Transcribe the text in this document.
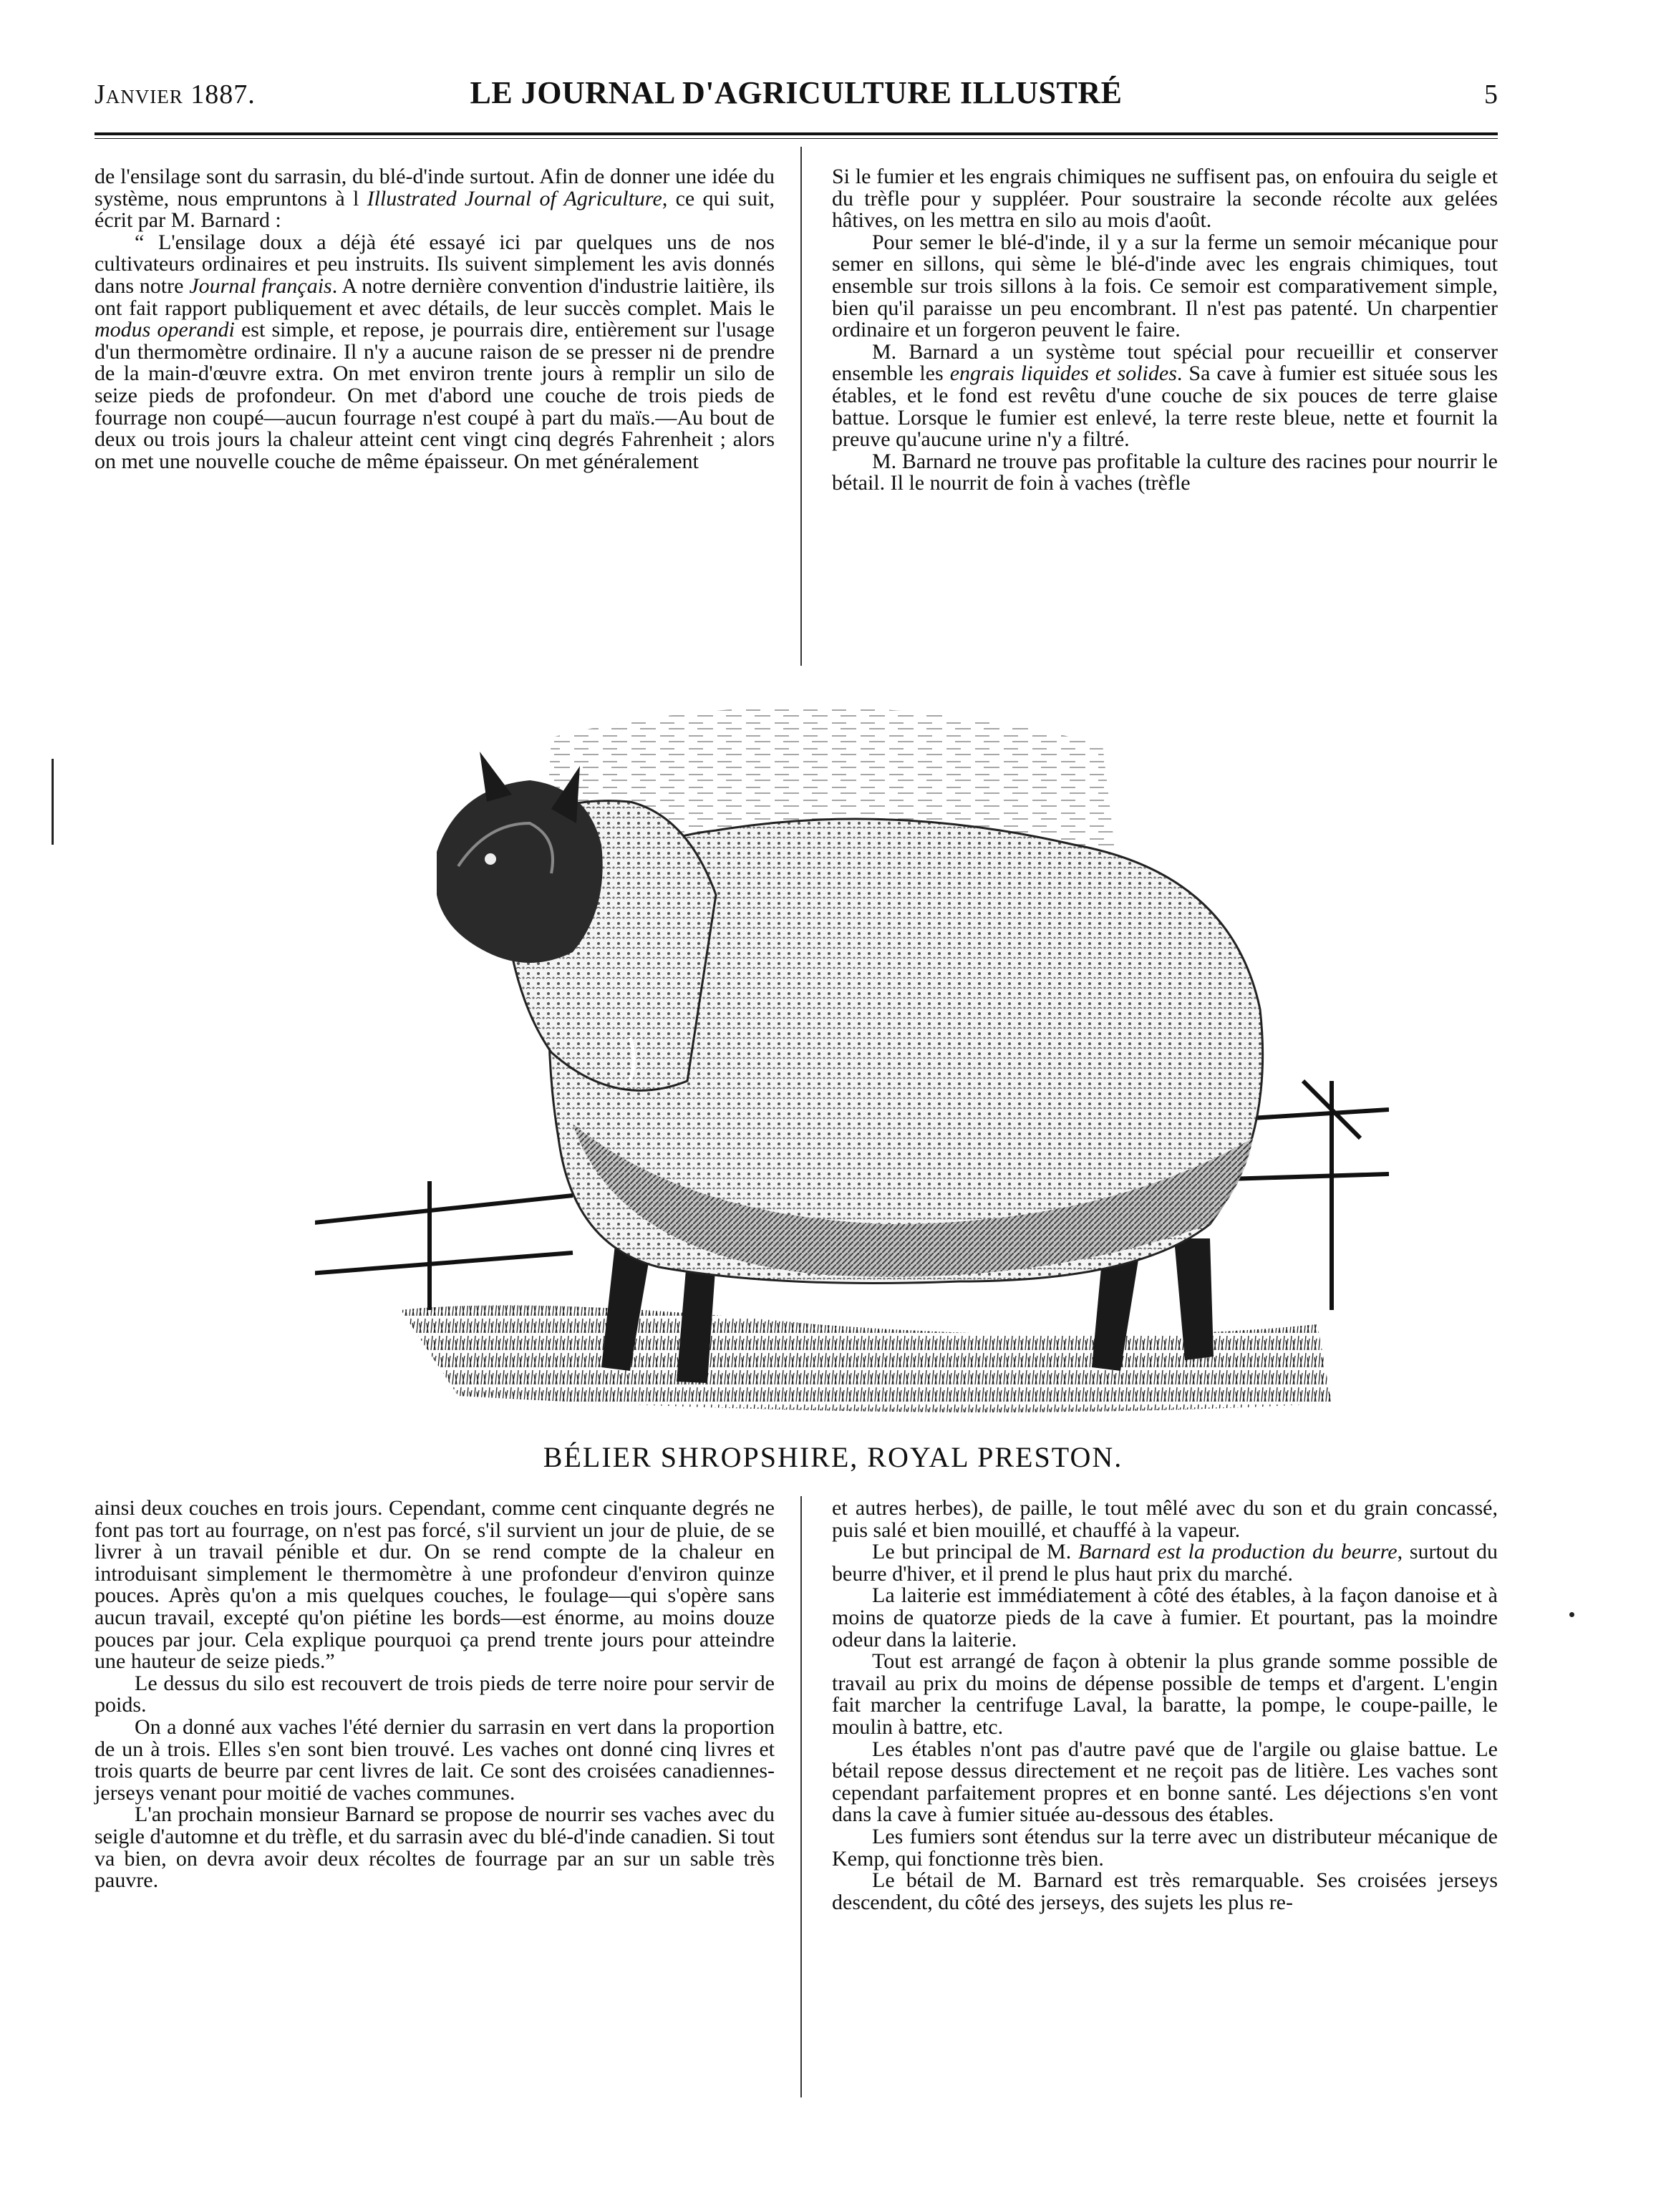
Janvier 1887.	LE JOURNAL D'AGRICULTURE ILLUSTRÉ	5

de l'ensilage sont du sarrasin, du blé-d'inde surtout. Afin de donner une idée du système, nous empruntons à l Illustrated Journal of Agriculture, ce qui suit, écrit par M. Barnard :

“ L'ensilage doux a déjà été essayé ici par quelques uns de nos cultivateurs ordinaires et peu instruits. Ils suivent simplement les avis donnés dans notre Journal français. A notre dernière convention d'industrie laitière, ils ont fait rapport publiquement et avec détails, de leur succès complet. Mais le modus operandi est simple, et repose, je pourrais dire, entièrement sur l'usage d'un thermomètre ordinaire. Il n'y a aucune raison de se presser ni de prendre de la main-d'œuvre extra. On met environ trente jours à remplir un silo de seize pieds de profondeur. On met d'abord une couche de trois pieds de fourrage non coupé—aucun fourrage n'est coupé à part du maïs.—Au bout de deux ou trois jours la chaleur atteint cent vingt cinq degrés Fahrenheit ; alors on met une nouvelle couche de même épaisseur. On met généralement

Si le fumier et les engrais chimiques ne suffisent pas, on enfouira du seigle et du trèfle pour y suppléer. Pour soustraire la seconde récolte aux gelées hâtives, on les mettra en silo au mois d'août.

Pour semer le blé-d'inde, il y a sur la ferme un semoir mécanique pour semer en sillons, qui sème le blé-d'inde avec les engrais chimiques, tout ensemble sur trois sillons à la fois. Ce semoir est comparativement simple, bien qu'il paraisse un peu encombrant. Il n'est pas patenté. Un charpentier ordinaire et un forgeron peuvent le faire.

M. Barnard a un système tout spécial pour recueillir et conserver ensemble les engrais liquides et solides. Sa cave à fumier est située sous les étables, et le fond est revêtu d'une couche de six pouces de terre glaise battue. Lorsque le fumier est enlevé, la terre reste bleue, nette et fournit la preuve qu'aucune urine n'y a filtré.

M. Barnard ne trouve pas profitable la culture des racines pour nourrir le bétail. Il le nourrit de foin à vaches (trèfle

BÉLIER SHROPSHIRE, ROYAL PRESTON.

ainsi deux couches en trois jours. Cependant, comme cent cinquante degrés ne font pas tort au fourrage, on n'est pas forcé, s'il survient un jour de pluie, de se livrer à un travail pénible et dur. On se rend compte de la chaleur en introduisant simplement le thermomètre à une profondeur d'environ quinze pouces. Après qu'on a mis quelques couches, le foulage—qui s'opère sans aucun travail, excepté qu'on piétine les bords—est énorme, au moins douze pouces par jour. Cela explique pourquoi ça prend trente jours pour atteindre une hauteur de seize pieds.”

Le dessus du silo est recouvert de trois pieds de terre noire pour servir de poids.

On a donné aux vaches l'été dernier du sarrasin en vert dans la proportion de un à trois. Elles s'en sont bien trouvé. Les vaches ont donné cinq livres et trois quarts de beurre par cent livres de lait. Ce sont des croisées canadiennes-jerseys venant pour moitié de vaches communes.

L'an prochain monsieur Barnard se propose de nourrir ses vaches avec du seigle d'automne et du trèfle, et du sarrasin avec du blé-d'inde canadien. Si tout va bien, on devra avoir deux récoltes de fourrage par an sur un sable très pauvre.

et autres herbes), de paille, le tout mêlé avec du son et du grain concassé, puis salé et bien mouillé, et chauffé à la vapeur.

Le but principal de M. Barnard est la production du beurre, surtout du beurre d'hiver, et il prend le plus haut prix du marché.

La laiterie est immédiatement à côté des étables, à la façon danoise et à moins de quatorze pieds de la cave à fumier. Et pourtant, pas la moindre odeur dans la laiterie.

Tout est arrangé de façon à obtenir la plus grande somme possible de travail au prix du moins de dépense possible de temps et d'argent. L'engin fait marcher la centrifuge Laval, la baratte, la pompe, le coupe-paille, le moulin à battre, etc.

Les étables n'ont pas d'autre pavé que de l'argile ou glaise battue. Le bétail repose dessus directement et ne reçoit pas de litière. Les vaches sont cependant parfaitement propres et en bonne santé. Les déjections s'en vont dans la cave à fumier située au-dessous des étables.

Les fumiers sont étendus sur la terre avec un distributeur mécanique de Kemp, qui fonctionne très bien.

Le bétail de M. Barnard est très remarquable. Ses croisées jerseys descendent, du côté des jerseys, des sujets les plus re-
